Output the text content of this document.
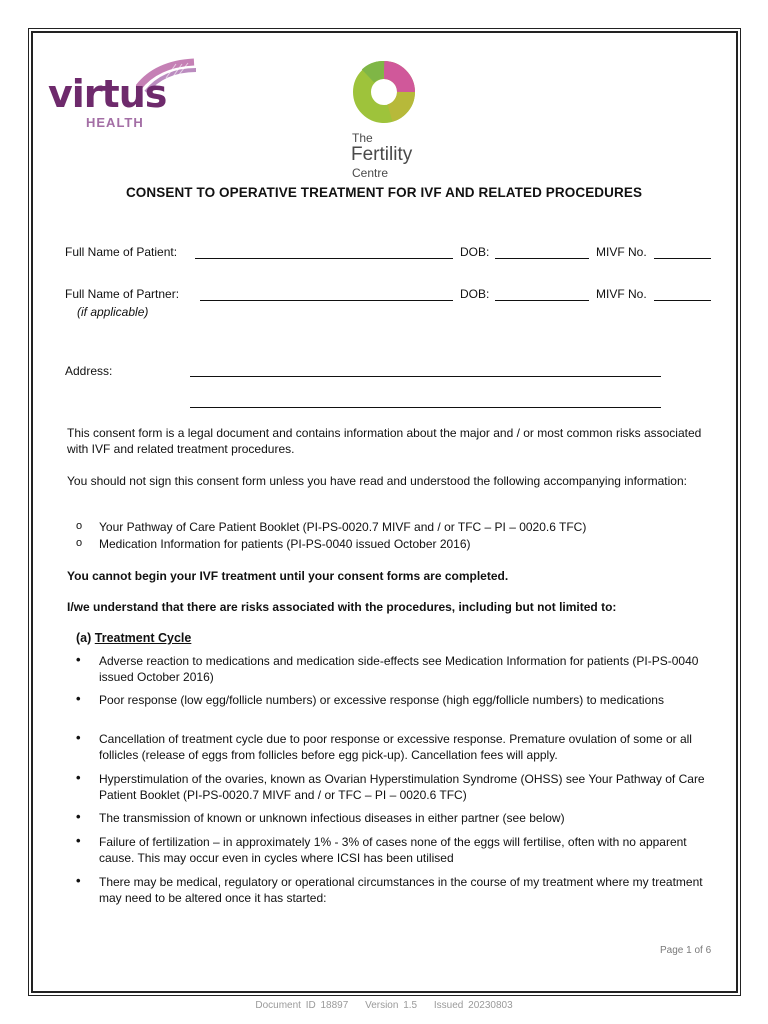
virtus
HEALTH
The
Fertility
Centre
CONSENT TO OPERATIVE TREATMENT FOR IVF AND RELATED PROCEDURES
Full Name of Patient:	DOB:	MIVF No.
Full Name of Partner:	DOB:	MIVF No.
(if applicable)
Address:

This consent form is a legal document and contains information about the major and / or most common risks associated with IVF and related treatment procedures.

You should not sign this consent form unless you have read and understood the following accompanying information:

o Your Pathway of Care Patient Booklet (PI-PS-0020.7 MIVF and / or TFC – PI – 0020.6 TFC)
o Medication Information for patients (PI-PS-0040 issued October 2016)

You cannot begin your IVF treatment until your consent forms are completed.

I/we understand that there are risks associated with the procedures, including but not limited to:

(a) Treatment Cycle
• Adverse reaction to medications and medication side-effects see Medication Information for patients (PI-PS-0040 issued October 2016)
• Poor response (low egg/follicle numbers) or excessive response (high egg/follicle numbers) to medications
• Cancellation of treatment cycle due to poor response or excessive response. Premature ovulation of some or all follicles (release of eggs from follicles before egg pick-up). Cancellation fees will apply.
• Hyperstimulation of the ovaries, known as Ovarian Hyperstimulation Syndrome (OHSS) see Your Pathway of Care Patient Booklet (PI-PS-0020.7 MIVF and / or TFC – PI – 0020.6 TFC)
• The transmission of known or unknown infectious diseases in either partner (see below)
• Failure of fertilization – in approximately 1% - 3% of cases none of the eggs will fertilise, often with no apparent cause. This may occur even in cycles where ICSI has been utilised
• There may be medical, regulatory or operational circumstances in the course of my treatment where my treatment may need to be altered once it has started:
Page 1 of 6
Document ID 18897 Version 1.5 Issued 20230803
